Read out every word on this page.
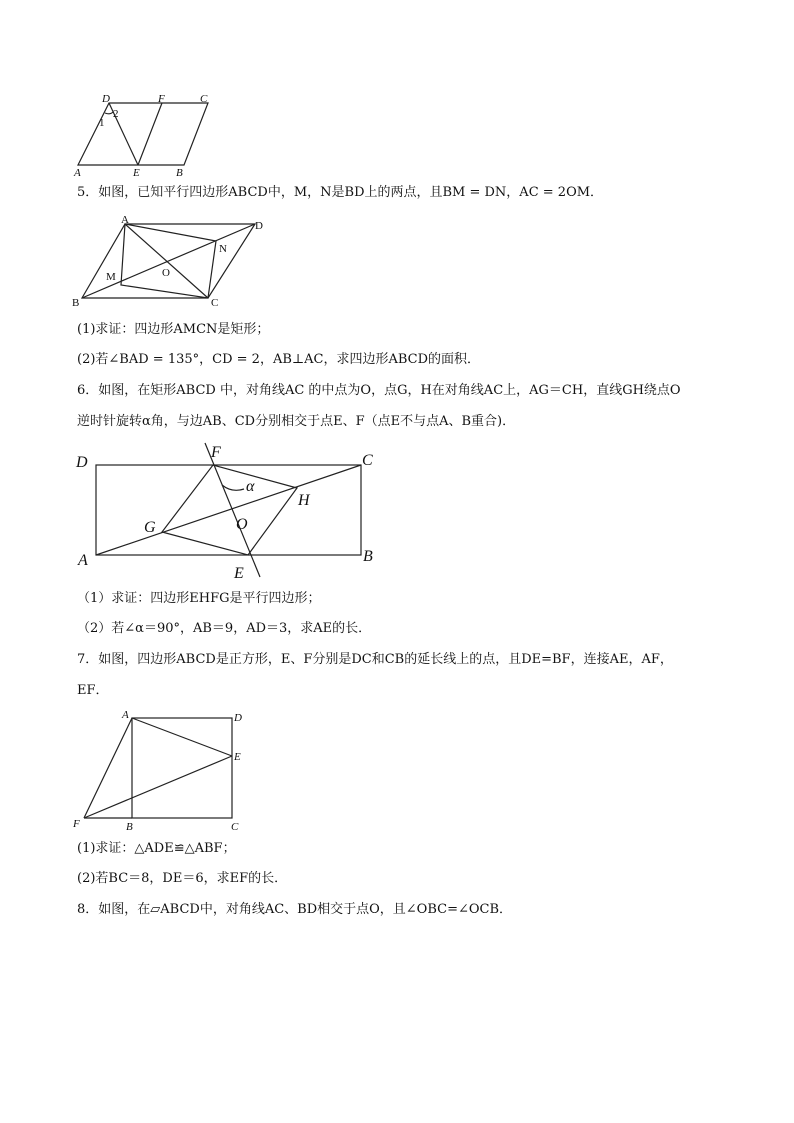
D	F	C
1
2
A	E	B
5．如图，已知平行四边形ABCD中，M，N是BD上的两点，且BM = DN，AC = 2OM．
A	D
N
M	O
B	C
(1)求证：四边形AMCN是矩形；
(2)若∠BAD = 135°，CD = 2，AB⊥AC，求四边形ABCD的面积．
6．如图，在矩形ABCD 中，对角线AC 的中点为O，点G，H在对角线AC上，AG＝CH，直线GH绕点O
逆时针旋转α角，与边AB、CD分别相交于点E、F（点E不与点A、B重合)．
D
F	C
α
H
G	O
A
E
B
（1）求证：四边形EHFG是平行四边形；
（2）若∠α＝90°，AB＝9，AD＝3，求AE的长．
7．如图，四边形ABCD是正方形，E、F分别是DC和CB的延长线上的点，且DE=BF，连接AE，AF，
EF．
A	D
E
F	B	C
(1)求证：△ADE≌△ABF；
(2)若BC＝8，DE＝6，求EF的长．
8．如图，在▱ABCD中，对角线AC、BD相交于点O，且∠OBC=∠OCB．
